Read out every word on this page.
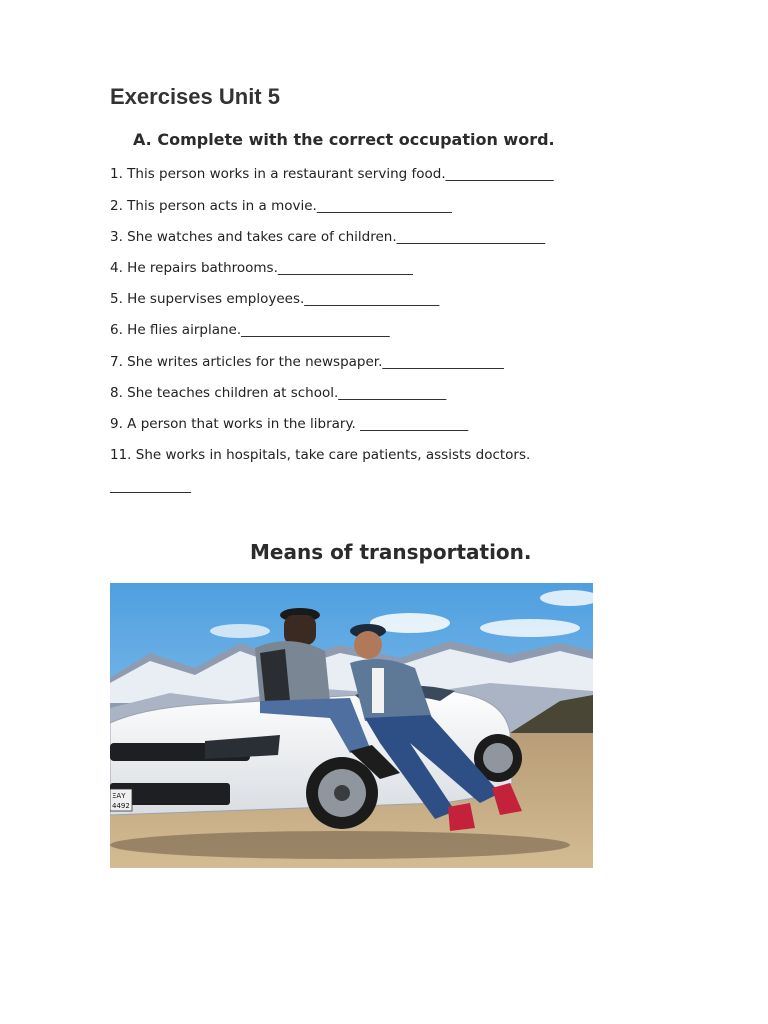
Exercises Unit 5
A. Complete with the correct occupation word.

1. This person works in a restaurant serving food.________________

2. This person acts in a movie.____________________

3. She watches and takes care of children.______________________

4. He repairs bathrooms.____________________

5. He supervises employees.____________________

6. He flies airplane.______________________

7. She writes articles for the newspaper.__________________

8. She teaches children at school.________________

9. A person that works in the library. ________________

11. She works in hospitals, take care patients, assists doctors.

____________

Means of transportation.
ΞΑΥ
4492
